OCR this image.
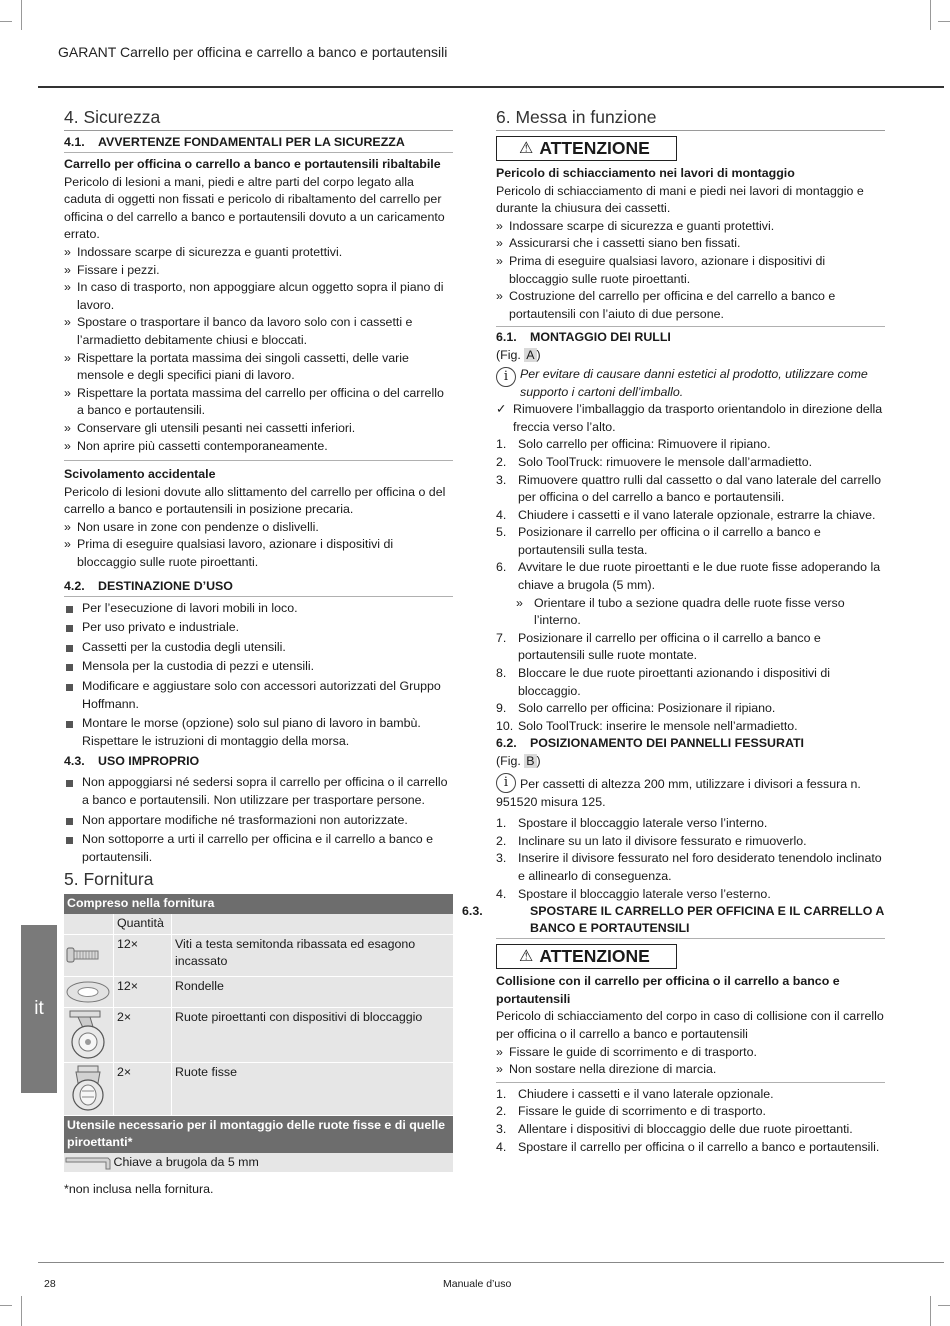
GARANT Carrello per officina e carrello a banco e portautensili
it
4. Sicurezza
4.1. AVVERTENZE FONDAMENTALI PER LA SICUREZZA

Carrello per officina o carrello a banco e portautensili ribaltabile

Pericolo di lesioni a mani, piedi e altre parti del corpo legato alla caduta di oggetti non fissati e pericolo di ribaltamento del carrello per officina o del carrello a banco e portautensili dovuto a un caricamento errato.

» Indossare scarpe di sicurezza e guanti protettivi.
» Fissare i pezzi.
» In caso di trasporto, non appoggiare alcun oggetto sopra il piano di lavoro.
» Spostare o trasportare il banco da lavoro solo con i cassetti e l’armadietto debitamente chiusi e bloccati.
» Rispettare la portata massima dei singoli cassetti, delle varie mensole e degli specifici piani di lavoro.
» Rispettare la portata massima del carrello per officina o del carrello a banco e portautensili.
» Conservare gli utensili pesanti nei cassetti inferiori.
» Non aprire più cassetti contemporaneamente.

Scivolamento accidentale

Pericolo di lesioni dovute allo slittamento del carrello per officina o del carrello a banco e portautensili in posizione precaria.

» Non usare in zone con pendenze o dislivelli.
» Prima di eseguire qualsiasi lavoro, azionare i dispositivi di bloccaggio sulle ruote piroettanti.
4.2. DESTINAZIONE D’USO
Per l’esecuzione di lavori mobili in loco.
Per uso privato e industriale.
Cassetti per la custodia degli utensili.
Mensola per la custodia di pezzi e utensili.
Modificare e aggiustare solo con accessori autorizzati del Gruppo Hoffmann.
Montare le morse (opzione) solo sul piano di lavoro in bambù. Rispettare le istruzioni di montaggio della morsa.
4.3. USO IMPROPRIO
Non appoggiarsi né sedersi sopra il carrello per officina o il carrello a banco e portautensili. Non utilizzare per trasportare persone.
Non apportare modifiche né trasformazioni non autorizzate.
Non sottoporre a urti il carrello per officina e il carrello a banco e portautensili.
5. Fornitura
Compreso nella fornitura		
	Quantità	

	12×	Viti a testa semitonda ribassata ed esagono incassato

	12×	Rondelle

	2×	Ruote piroettanti con dispositivi di bloccaggio

	2×	Ruote fisse
Utensile necessario per il montaggio delle ruote fisse e di quelle piroettanti*		

	Chiave a brugola da 5 mm	

*non inclusa nella fornitura.

6. Messa in funzione
⚠ ATTENZIONE

Pericolo di schiacciamento nei lavori di montaggio

Pericolo di schiacciamento di mani e piedi nei lavori di montaggio e durante la chiusura dei cassetti.

» Indossare scarpe di sicurezza e guanti protettivi.
» Assicurarsi che i cassetti siano ben fissati.
» Prima di eseguire qualsiasi lavoro, azionare i dispositivi di bloccaggio sulle ruote piroettanti.
» Costruzione del carrello per officina e del carrello a banco e portautensili con l’aiuto di due persone.
6.1. MONTAGGIO DEI RULLI

(Fig. A )

i Per evitare di causare danni estetici al prodotto, utilizzare come supporto i cartoni dell’imballo.

✓ Rimuovere l’imballaggio da trasporto orientandolo in direzione della freccia verso l’alto.
1. Solo carrello per officina: Rimuovere il ripiano.
2. Solo ToolTruck: rimuovere le mensole dall’armadietto.
3. Rimuovere quattro rulli dal cassetto o dal vano laterale del carrello per officina o del carrello a banco e portautensili.
4. Chiudere i cassetti e il vano laterale opzionale, estrarre la chiave.
5. Posizionare il carrello per officina o il carrello a banco e portautensili sulla testa.
6. Avvitare le due ruote piroettanti e le due ruote fisse adoperando la chiave a brugola (5 mm).
» Orientare il tubo a sezione quadra delle ruote fisse verso l’interno.
7. Posizionare il carrello per officina o il carrello a banco e portautensili sulle ruote montate.
8. Bloccare le due ruote piroettanti azionando i dispositivi di bloccaggio.
9. Solo carrello per officina: Posizionare il ripiano.
10. Solo ToolTruck: inserire le mensole nell’armadietto.
6.2. POSIZIONAMENTO DEI PANNELLI FESSURATI

(Fig. B )

i Per cassetti di altezza 200 mm, utilizzare i divisori a fessura n. 951520 misura 125.

1. Spostare il bloccaggio laterale verso l’interno.
2. Inclinare su un lato il divisore fessurato e rimuoverlo.
3. Inserire il divisore fessurato nel foro desiderato tenendolo inclinato e allinearlo di conseguenza.
4. Spostare il bloccaggio laterale verso l’esterno.
6.3.	SPOSTARE IL CARRELLO PER OFFICINA E IL CARRELLO A BANCO E PORTAUTENSILI
⚠ ATTENZIONE

Collisione con il carrello per officina o il carrello a banco e portautensili

Pericolo di schiacciamento del corpo in caso di collisione con il carrello per officina o il carrello a banco e portautensili

» Fissare le guide di scorrimento e di trasporto.
» Non sostare nella direzione di marcia.
1. Chiudere i cassetti e il vano laterale opzionale.
2. Fissare le guide di scorrimento e di trasporto.
3. Allentare i dispositivi di bloccaggio delle due ruote piroettanti.
4. Spostare il carrello per officina o il carrello a banco e portautensili.
28	Manuale d’uso
